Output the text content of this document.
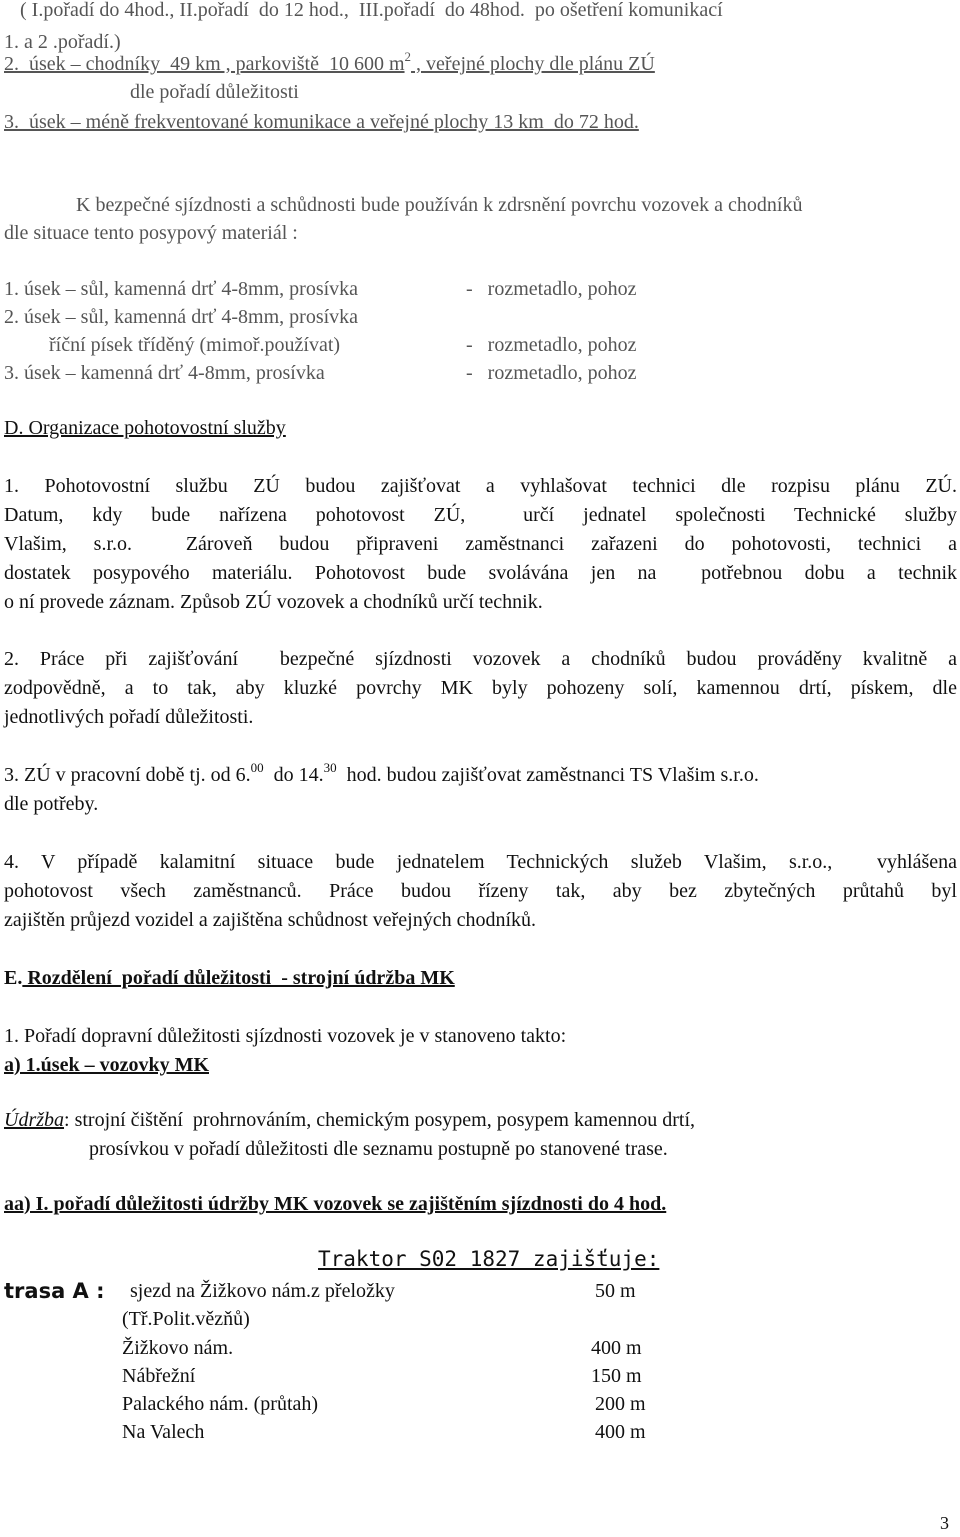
( I.pořadí do 4hod., II.pořadí  do 12 hod.,  III.pořadí  do 48hod.  po ošetření komunikací
1. a 2 .pořadí.)
2.  úsek – chodníky  49 km , parkoviště  10 600 $m^2$ , veřejné plochy dle plánu ZÚ
dle pořadí důležitosti
3.  úsek – méně frekventované komunikace a veřejné plochy 13 km  do 72 hod.
K bezpečné sjízdnosti a schůdnosti bude používán k zdrsnění povrchu vozovek a chodníků
dle situace tento posypový materiál :
1. úsek – sůl, kamenná drť 4-8mm, prosívka	-   rozmetadlo, pohoz
2. úsek – sůl, kamenná drť 4-8mm, prosívka
říční písek tříděný (mimoř.používat)	-   rozmetadlo, pohoz
3. úsek – kamenná drť 4-8mm, prosívka	-   rozmetadlo, pohoz
D. Organizace pohotovostní služby
1. Pohotovostní službu ZÚ budou zajišťovat a vyhlašovat technici dle rozpisu plánu ZÚ.
Datum, kdy bude nařízena pohotovost ZÚ,  určí jednatel společnosti Technické služby
Vlašim, s.r.o.  Zároveň budou připraveni zaměstnanci zařazeni do pohotovosti, technici a
dostatek posypového materiálu. Pohotovost bude svolávána jen na  potřebnou dobu a technik
o ní provede záznam. Způsob ZÚ vozovek a chodníků určí technik.
2. Práce při zajišťování  bezpečné sjízdnosti vozovek a chodníků budou prováděny kvalitně a
zodpovědně, a to tak, aby kluzké povrchy MK byly pohozeny solí, kamennou drtí, pískem, dle
jednotlivých pořadí důležitosti.
3. ZÚ v pracovní době tj. od 6.00  do 14.30  hod. budou zajišťovat zaměstnanci TS Vlašim s.r.o.
dle potřeby.
4. V případě kalamitní situace bude jednatelem Technických služeb Vlašim, s.r.o.,  vyhlášena
pohotovost všech zaměstnanců. Práce budou řízeny tak, aby bez zbytečných průtahů byl
zajištěn průjezd vozidel a zajištěna schůdnost veřejných chodníků.
E. Rozdělení  pořadí důležitosti  - strojní údržba MK
1. Pořadí dopravní důležitosti sjízdnosti vozovek je v stanoveno takto:
a) 1.úsek – vozovky MK
Údržba: strojní čištění  prohrnováním, chemickým posypem, posypem kamennou drtí,
prosívkou v pořadí důležitosti dle seznamu postupně po stanovené trase.
aa) I. pořadí důležitosti údržby MK vozovek se zajištěním sjízdnosti do 4 hod.
Traktor S02 1827 zajišťuje:
trasa A : sjezd na Žižkovo nám.z přeložky	50 m
(Tř.Polit.vězňů)
Žižkovo nám.	400 m
Nábřežní	150 m
Palackého nám. (průtah)	200 m
Na Valech	400 m
3
